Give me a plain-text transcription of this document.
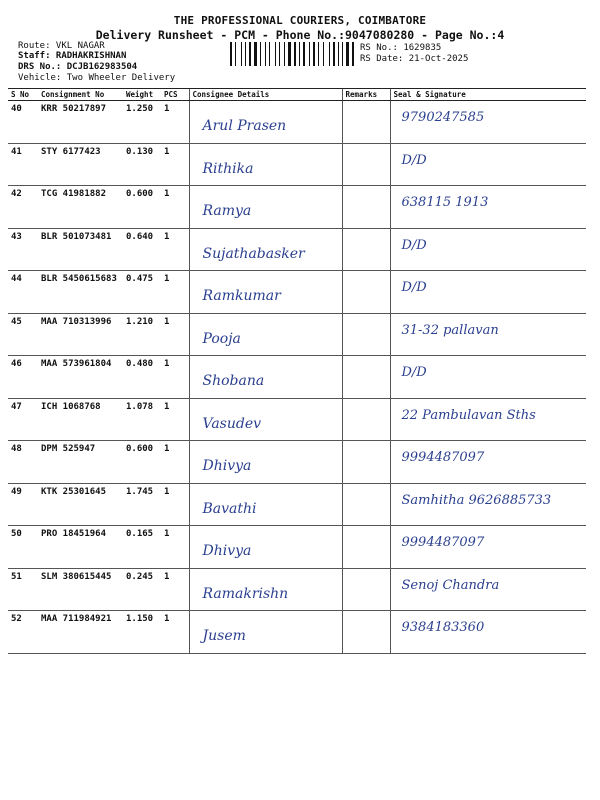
THE PROFESSIONAL COURIERS, COIMBATORE
Delivery Runsheet - PCM - Phone No.:9047080280 - Page No.:4
Route: VKL NAGAR
Staff: RADHAKRISHNAN
DRS No.: DCJB162983504
Vehicle: Two Wheeler Delivery
RS No.: 1629835
RS Date: 21-Oct-2025
S No	Consignment No	Weight	PCS	Consignee Details	Remarks	Seal & Signature
40	KRR 50217897	1.250	1	Arul Prasen		9790247585

41	STY 6177423	0.130	1	Rithika		D/D

42	TCG 41981882	0.600	1	Ramya		638115 1913

43	BLR 501073481	0.640	1	Sujathabasker		D/D

44	BLR 5450615683	0.475	1	Ramkumar		D/D

45	MAA 710313996	1.210	1	Pooja		31-32 pallavan

46	MAA 573961804	0.480	1	Shobana		D/D

47	ICH 1068768	1.078	1	Vasudev		22 Pambulavan Sths

48	DPM 525947	0.600	1	Dhivya		9994487097

49	KTK 25301645	1.745	1	Bavathi		Samhitha 9626885733

50	PRO 18451964	0.165	1	Dhivya		9994487097

51	SLM 380615445	0.245	1	Ramakrishn		Senoj Chandra

52	MAA 711984921	1.150	1	Jusem		9384183360
